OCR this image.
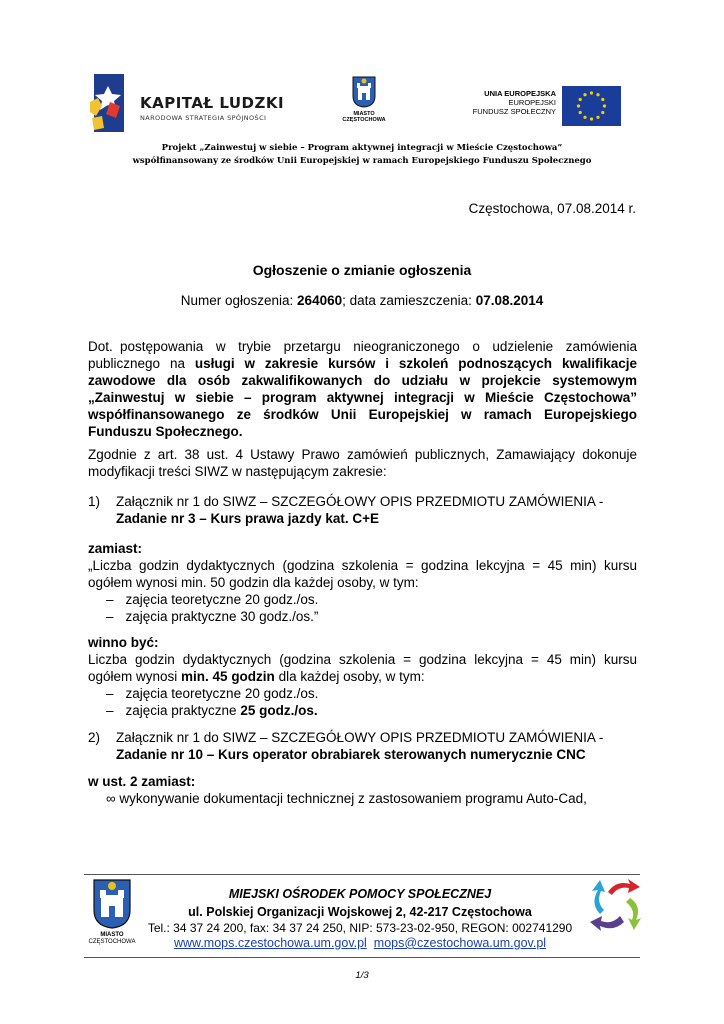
KAPITAŁ LUDZKI
NARODOWA STRATEGIA SPÓJNOŚCI	MIASTO
CZĘSTOCHOWA
UNIA EUROPEJSKA
EUROPEJSKI
FUNDUSZ SPOŁECZNY
Projekt „Zainwestuj w siebie – Program aktywnej integracji w Mieście Częstochowa”
współfinansowany ze środków Unii Europejskiej w ramach Europejskiego Funduszu Społecznego
Częstochowa, 07.08.2014 r.
Ogłoszenie o zmianie ogłoszenia
Numer ogłoszenia: 264060; data zamieszczenia: 07.08.2014
Dot. postępowania w trybie przetargu nieograniczonego o udzielenie zamówienia publicznego na usługi w zakresie kursów i szkoleń podnoszących kwalifikacje zawodowe dla osób zakwalifikowanych do udziału w projekcie systemowym „Zainwestuj w siebie – program aktywnej integracji w Mieście Częstochowa” współfinansowanego ze środków Unii Europejskiej w ramach Europejskiego Funduszu Społecznego.
Zgodnie z art. 38 ust. 4 Ustawy Prawo zamówień publicznych, Zamawiający dokonuje modyfikacji treści SIWZ w następującym zakresie:
1) Załącznik nr 1 do SIWZ – SZCZEGÓŁOWY OPIS PRZEDMIOTU ZAMÓWIENIA -
Zadanie nr 3 – Kurs prawa jazdy kat. C+E
zamiast:
„Liczba godzin dydaktycznych (godzina szkolenia = godzina lekcyjna = 45 min) kursu ogółem wynosi min. 50 godzin dla każdej osoby, w tym:
– zajęcia teoretyczne 20 godz./os.
– zajęcia praktyczne 30 godz./os.”
winno być:
Liczba godzin dydaktycznych (godzina szkolenia = godzina lekcyjna = 45 min) kursu ogółem wynosi min. 45 godzin dla każdej osoby, w tym:
– zajęcia teoretyczne 20 godz./os.
– zajęcia praktyczne 25 godz./os.
2) Załącznik nr 1 do SIWZ – SZCZEGÓŁOWY OPIS PRZEDMIOTU ZAMÓWIENIA -
Zadanie nr 10 – Kurs operator obrabiarek sterowanych numerycznie CNC
w ust. 2 zamiast:
∞ wykonywanie dokumentacji technicznej z zastosowaniem programu Auto-Cad,
MIASTO
CZĘSTOCHOWA
MIEJSKI OŚRODEK POMOCY SPOŁECZNEJ
ul. Polskiej Organizacji Wojskowej 2, 42-217 Częstochowa
Tel.: 34 37 24 200, fax: 34 37 24 250, NIP: 573-23-02-950, REGON: 002741290
www.mops.czestochowa.um.gov.pl mops@czestochowa.um.gov.pl
1/3
